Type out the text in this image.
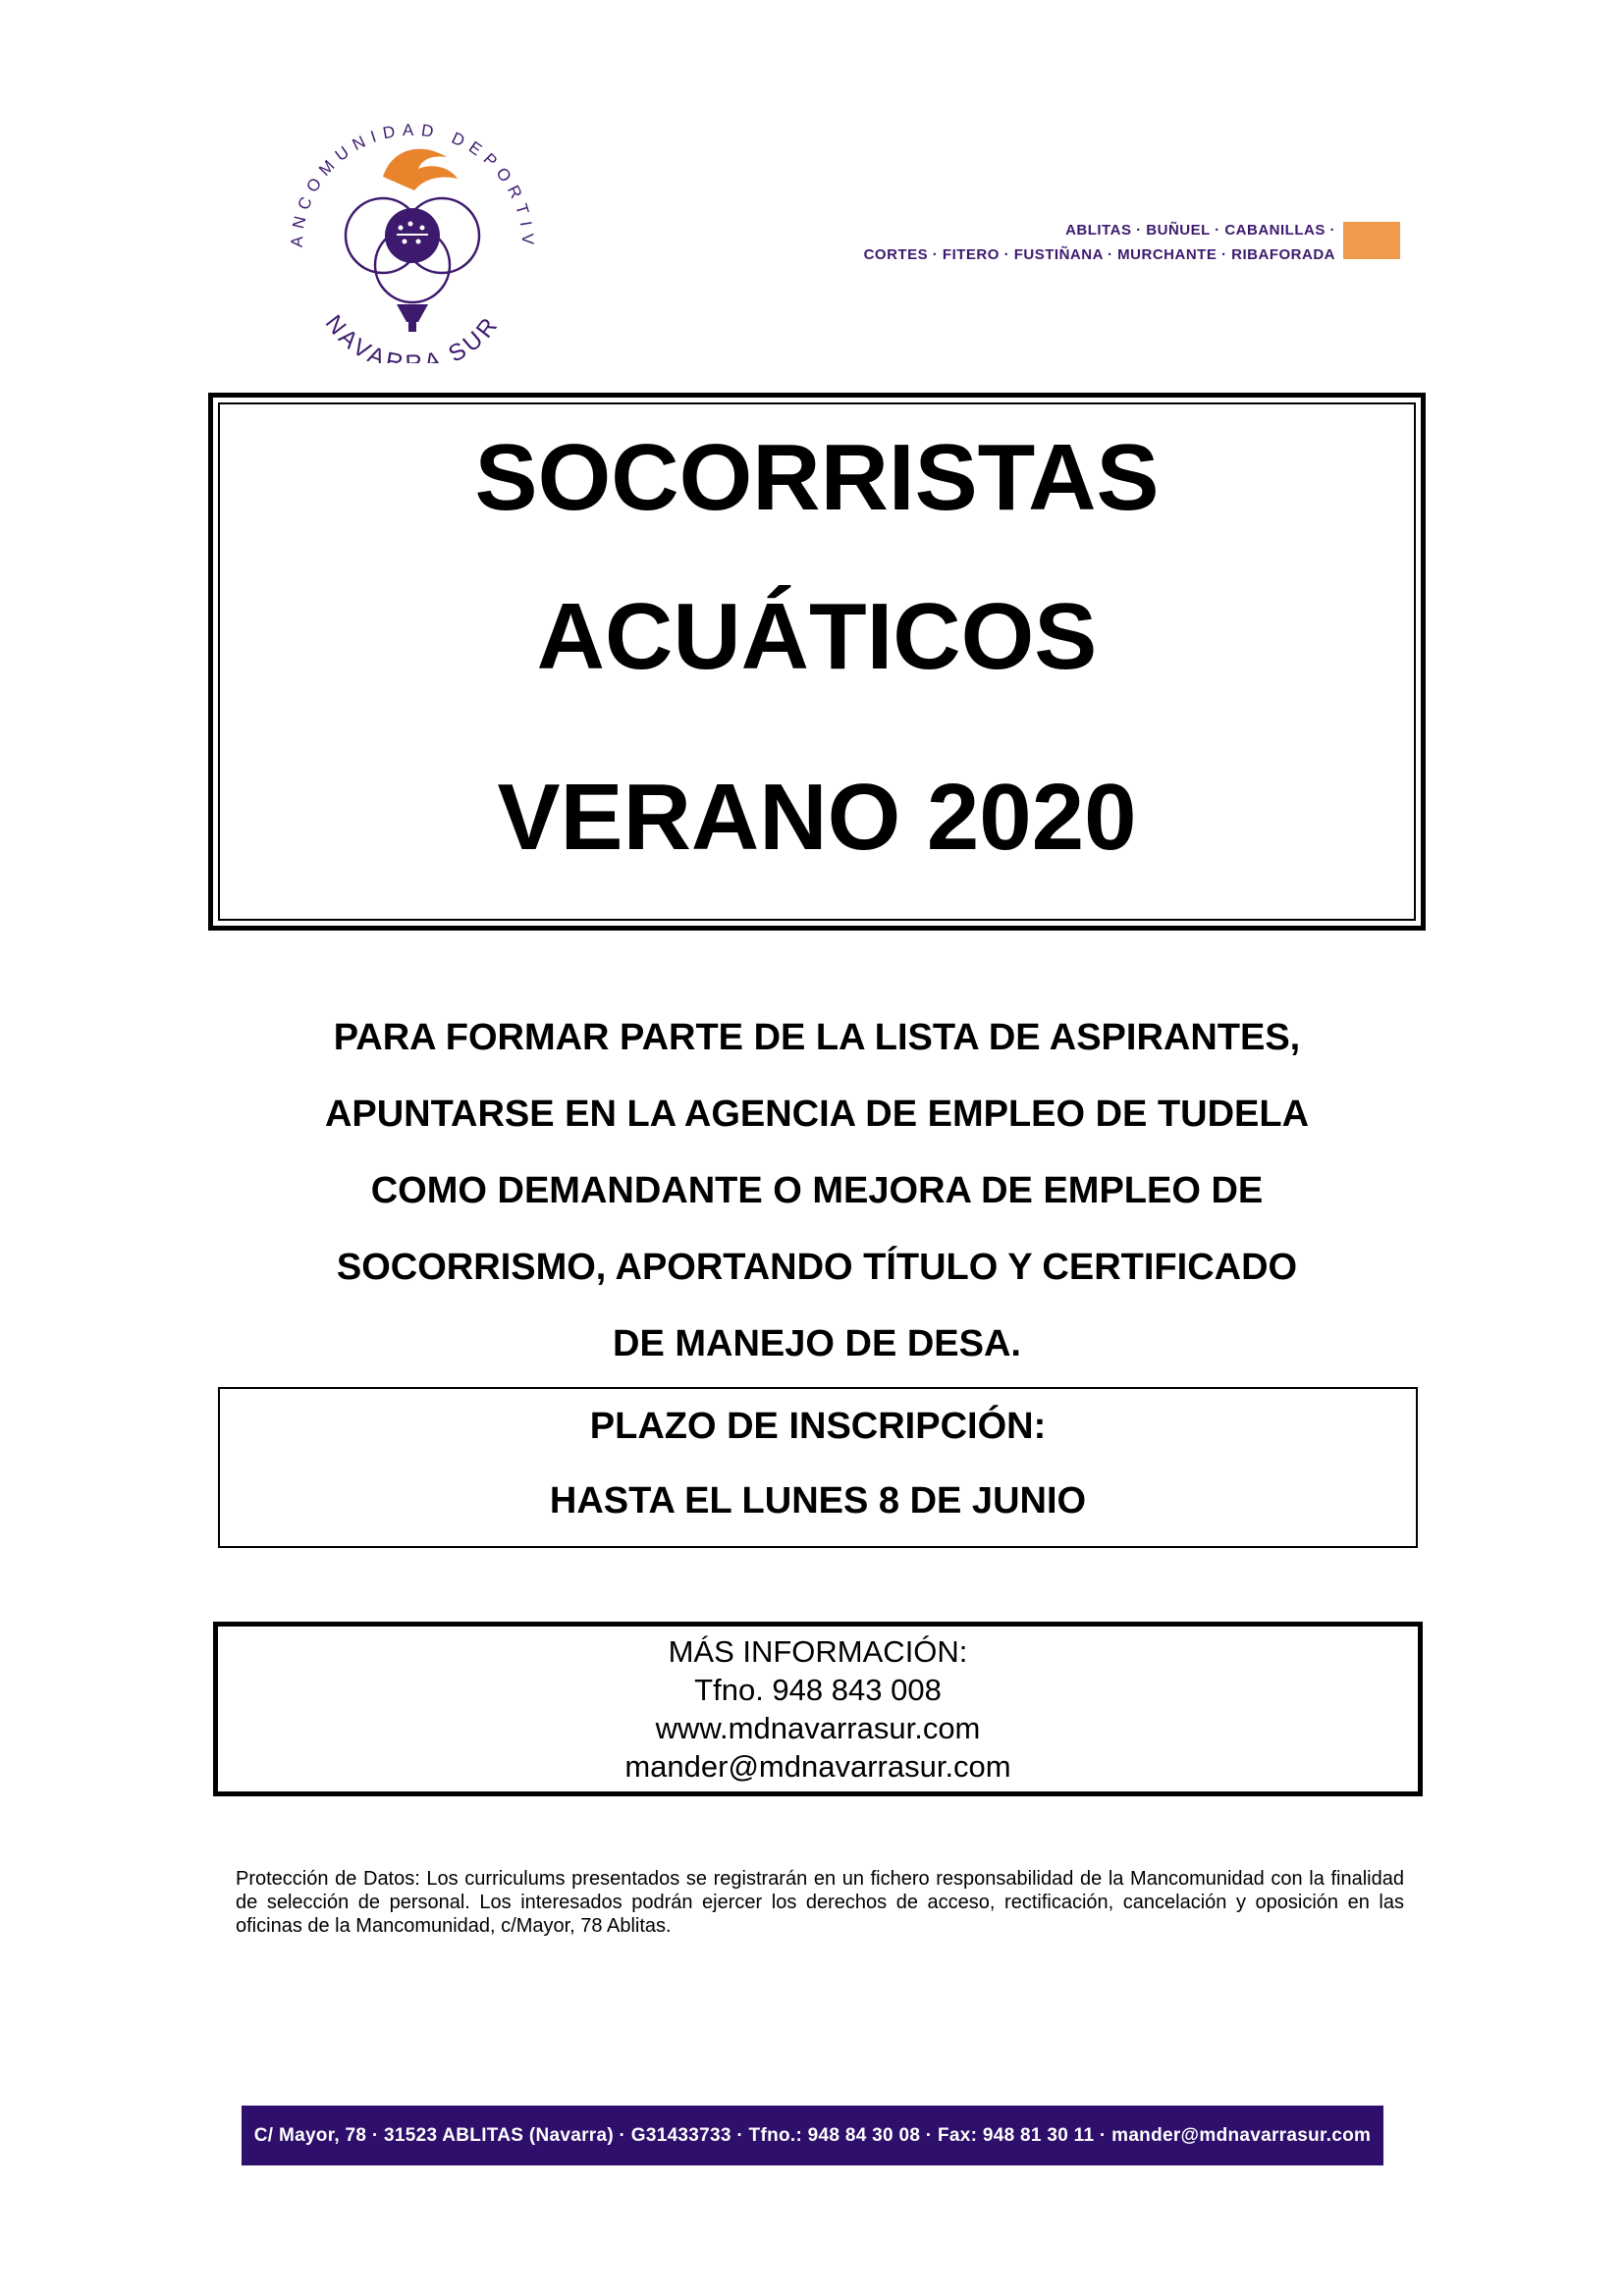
ANCOMUNIDAD DEPORTIV
NAVAR A SUR
ABLITAS · BUÑUEL · CABANILLAS ·
CORTES · FITERO · FUSTIÑANA · MURCHANTE · RIBAFORADA
SOCORRISTAS
ACUÁTICOS
VERANO 2020
PARA FORMAR PARTE DE LA LISTA DE ASPIRANTES,
APUNTARSE EN LA AGENCIA DE EMPLEO DE TUDELA
COMO DEMANDANTE O MEJORA DE EMPLEO DE
SOCORRISMO, APORTANDO TÍTULO Y CERTIFICADO
DE MANEJO DE DESA.
PLAZO DE INSCRIPCIÓN:
HASTA EL LUNES 8 DE JUNIO
MÁS INFORMACIÓN:
Tfno. 948 843 008
www.mdnavarrasur.com
mander@mdnavarrasur.com
Protección de Datos: Los curriculums presentados se registrarán en un fichero responsabilidad de la Mancomunidad con la finalidad de selección de personal. Los interesados podrán ejercer los derechos de acceso, rectificación, cancelación y oposición en las oficinas de la Mancomunidad, c/Mayor, 78 Ablitas.
C/ Mayor, 78 · 31523 ABLITAS (Navarra) · G31433733 · Tfno.: 948 84 30 08 · Fax: 948 81 30 11 · mander@mdnavarrasur.com
